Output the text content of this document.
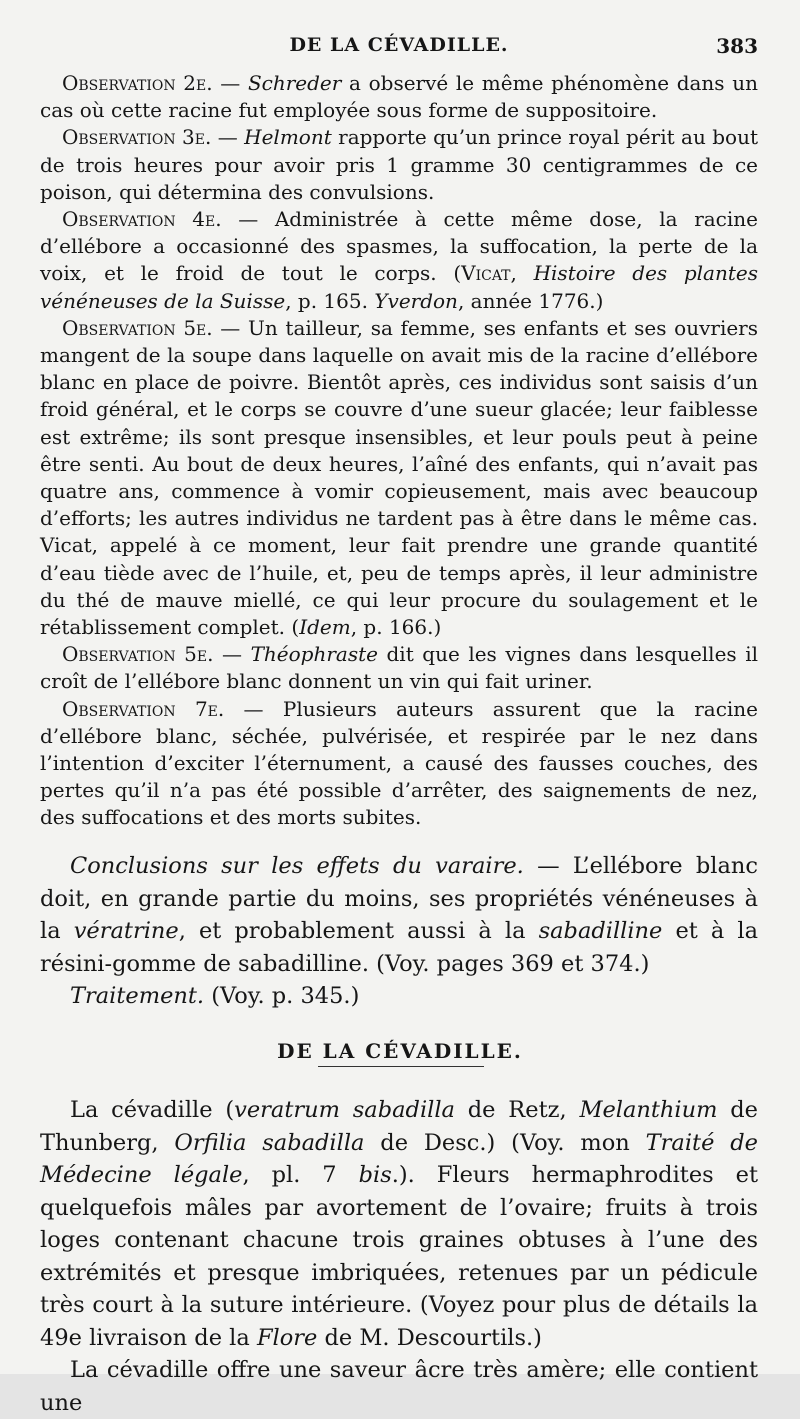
DE LA CÉVADILLE.	383

Observation 2e. — Schreder a observé le même phénomène dans un cas où cette racine fut employée sous forme de suppositoire.

Observation 3e. — Helmont rapporte qu’un prince royal périt au bout de trois heures pour avoir pris 1 gramme 30 centigrammes de ce poison, qui détermina des convulsions.

Observation 4e. — Administrée à cette même dose, la racine d’ellébore a occasionné des spasmes, la suffocation, la perte de la voix, et le froid de tout le corps. (Vicat, Histoire des plantes vénéneuses de la Suisse, p. 165. Yverdon, année 1776.)

Observation 5e. — Un tailleur, sa femme, ses enfants et ses ouvriers mangent de la soupe dans laquelle on avait mis de la racine d’ellébore blanc en place de poivre. Bientôt après, ces individus sont saisis d’un froid général, et le corps se couvre d’une sueur glacée; leur faiblesse est extrême; ils sont presque insensibles, et leur pouls peut à peine être senti. Au bout de deux heures, l’aîné des enfants, qui n’avait pas quatre ans, commence à vomir copieusement, mais avec beaucoup d’efforts; les autres individus ne tardent pas à être dans le même cas. Vicat, appelé à ce moment, leur fait prendre une grande quantité d’eau tiède avec de l’huile, et, peu de temps après, il leur administre du thé de mauve miellé, ce qui leur procure du soulagement et le rétablissement complet. (Idem, p. 166.)

Observation 5e. — Théophraste dit que les vignes dans lesquelles il croît de l’ellébore blanc donnent un vin qui fait uriner.

Observation 7e. — Plusieurs auteurs assurent que la racine d’ellébore blanc, séchée, pulvérisée, et respirée par le nez dans l’intention d’exciter l’éternument, a causé des fausses couches, des pertes qu’il n’a pas été possible d’arrêter, des saignements de nez, des suffocations et des morts subites.

Conclusions sur les effets du varaire. — L’ellébore blanc doit, en grande partie du moins, ses propriétés vénéneuses à la vératrine, et probablement aussi à la sabadilline et à la résini-gomme de sabadilline. (Voy. pages 369 et 374.)

Traitement. (Voy. p. 345.)

DE LA CÉVADILLE.

La cévadille (veratrum sabadilla de Retz, Melanthium de Thunberg, Orfilia sabadilla de Desc.) (Voy. mon Traité de Médecine légale, pl. 7 bis.). Fleurs hermaphrodites et quelquefois mâles par avortement de l’ovaire; fruits à trois loges contenant chacune trois graines obtuses à l’une des extrémités et presque imbriquées, retenues par un pédicule très court à la suture intérieure. (Voyez pour plus de détails la 49e livraison de la Flore de M. Descourtils.)

La cévadille offre une saveur âcre très amère; elle contient une
